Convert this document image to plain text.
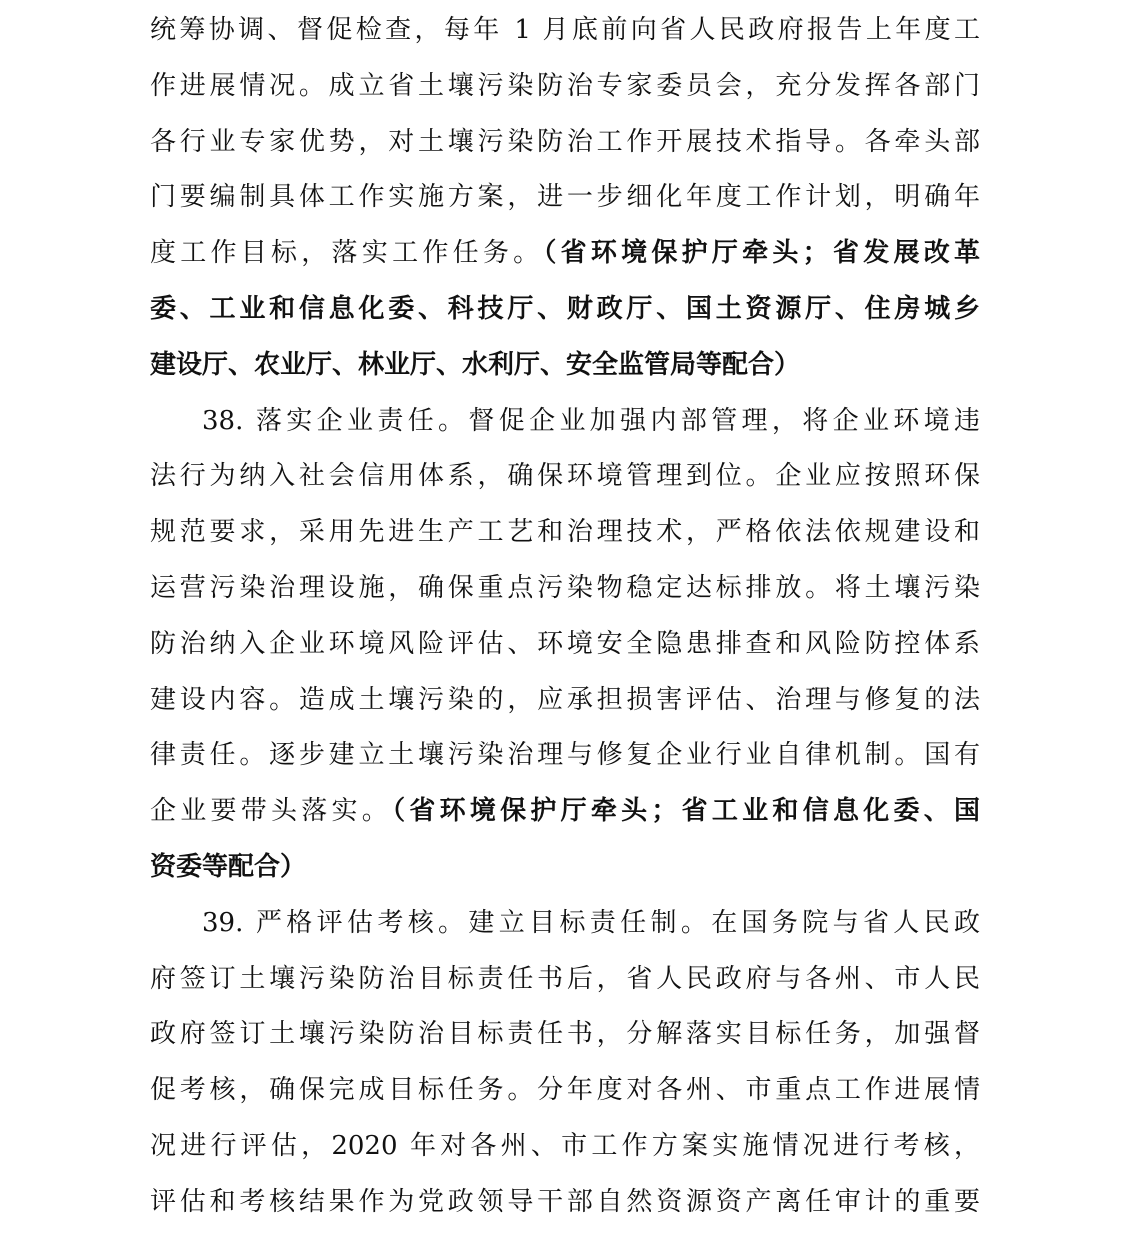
统筹协调、督促检查，每年 1 月底前向省人民政府报告上年度工
作进展情况。成立省土壤污染防治专家委员会，充分发挥各部门
各行业专家优势，对土壤污染防治工作开展技术指导。各牵头部
门要编制具体工作实施方案，进一步细化年度工作计划，明确年
度工作目标，落实工作任务。（省环境保护厅牵头；省发展改革
委、工业和信息化委、科技厅、财政厅、国土资源厅、住房城乡
建设厅、农业厅、林业厅、水利厅、安全监管局等配合）
38. 落实企业责任。督促企业加强内部管理，将企业环境违
法行为纳入社会信用体系，确保环境管理到位。企业应按照环保
规范要求，采用先进生产工艺和治理技术，严格依法依规建设和
运营污染治理设施，确保重点污染物稳定达标排放。将土壤污染
防治纳入企业环境风险评估、环境安全隐患排查和风险防控体系
建设内容。造成土壤污染的，应承担损害评估、治理与修复的法
律责任。逐步建立土壤污染治理与修复企业行业自律机制。国有
企业要带头落实。（省环境保护厅牵头；省工业和信息化委、国
资委等配合）
39. 严格评估考核。建立目标责任制。在国务院与省人民政
府签订土壤污染防治目标责任书后，省人民政府与各州、市人民
政府签订土壤污染防治目标责任书，分解落实目标任务，加强督
促考核，确保完成目标任务。分年度对各州、市重点工作进展情
况进行评估，2020 年对各州、市工作方案实施情况进行考核，
评估和考核结果作为党政领导干部自然资源资产离任审计的重要
